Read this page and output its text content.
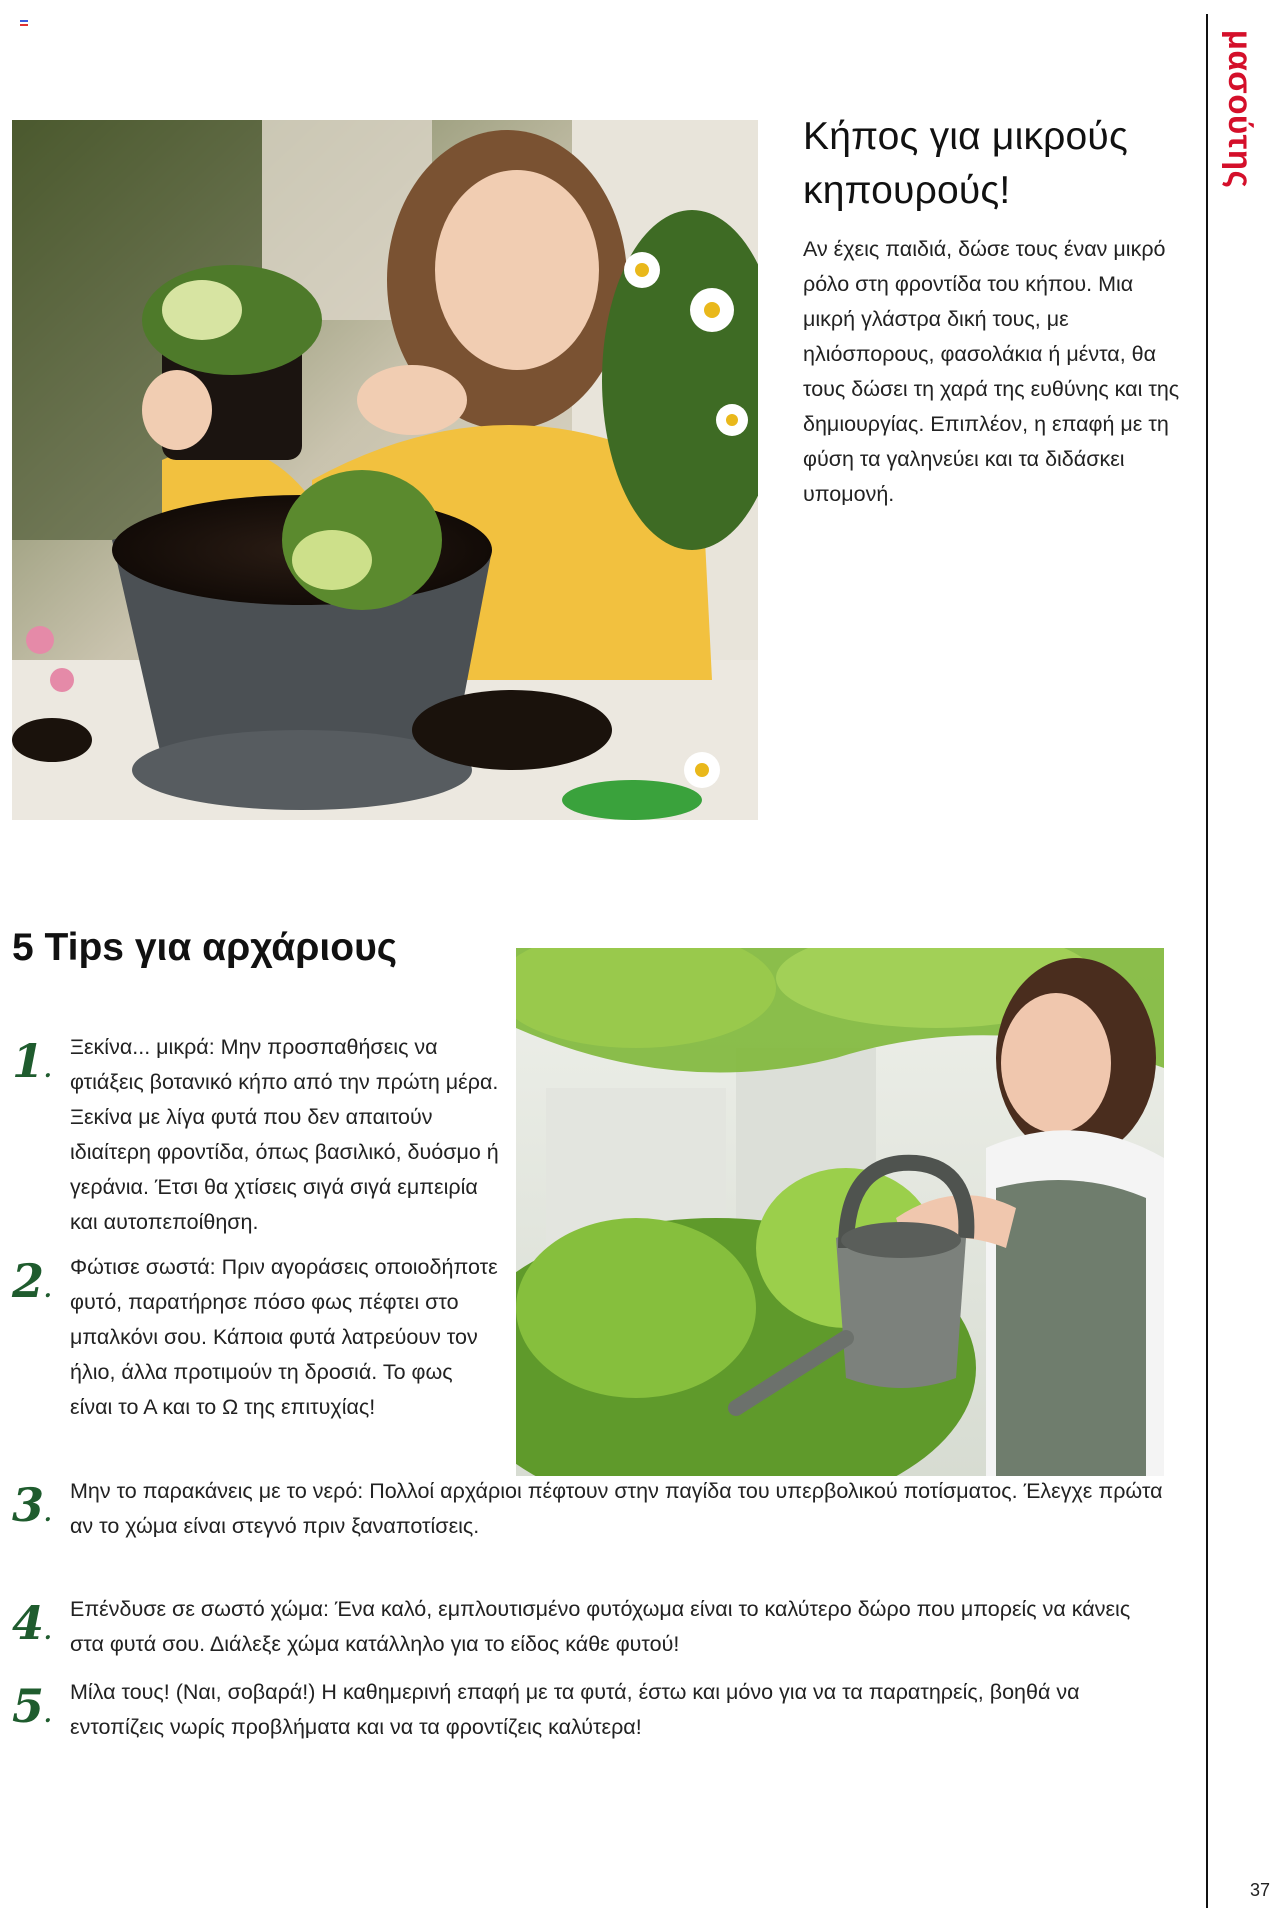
μασούτης
Κήπος για μικρούς
κηπουρούς!

Αν έχεις παιδιά, δώσε τους έναν μικρό ρόλο στη φροντίδα του κήπου. Μια μικρή γλάστρα δική τους, με ηλιόσπορους, φασολάκια ή μέντα, θα τους δώσει τη χαρά της ευθύνης και της δημιουργίας. Επιπλέον, η επαφή με τη φύση τα γαληνεύει και τα διδάσκει υπομονή.

5 Tips για αρχάριους
1.

Ξεκίνα... μικρά: Μην προσπαθήσεις να φτιάξεις βοτανικό κήπο από την πρώτη μέρα. Ξεκίνα με λίγα φυτά που δεν απαιτούν ιδιαίτερη φροντίδα, όπως βασιλικό, δυόσμο ή γεράνια. Έτσι θα χτίσεις σιγά σιγά εμπειρία και αυτοπεποίθηση.

2.

Φώτισε σωστά: Πριν αγοράσεις οποιοδήποτε φυτό, παρατήρησε πόσο φως πέφτει στο μπαλκόνι σου. Κάποια φυτά λατρεύουν τον ήλιο, άλλα προτιμούν τη δροσιά. Το φως είναι το Α και το Ω της επιτυχίας!

3.

Μην το παρακάνεις με το νερό: Πολλοί αρχάριοι πέφτουν στην παγίδα του υπερβολικού ποτίσματος. Έλεγχε πρώτα αν το χώμα είναι στεγνό πριν ξαναποτίσεις.

4.

Επένδυσε σε σωστό χώμα: Ένα καλό, εμπλουτισμένο φυτόχωμα είναι το καλύτερο δώρο που μπορείς να κάνεις στα φυτά σου. Διάλεξε χώμα κατάλληλο για το είδος κάθε φυτού!

5.

Μίλα τους! (Ναι, σοβαρά!) Η καθημερινή επαφή με τα φυτά, έστω και μόνο για να τα παρατηρείς, βοηθά να εντοπίζεις νωρίς προβλήματα και να τα φροντίζεις καλύτερα!

37
